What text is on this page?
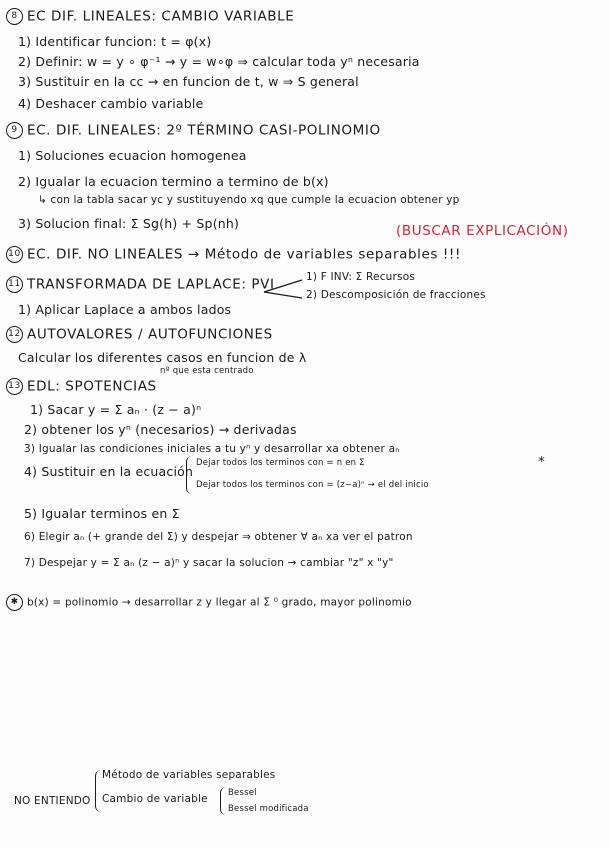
8 EC DIF. LINEALES: CAMBIO VARIABLE
1) Identificar funcion: t = φ(x)
2) Definir: w = y ∘ φ⁻¹ → y = w∘φ ⇒ calcular toda yⁿ necesaria
3) Sustituir en la cc → en funcion de t, w ⇒ S general
4) Deshacer cambio variable
9 EC. DIF. LINEALES: 2º TÉRMINO CASI-POLINOMIO
1) Soluciones ecuacion homogenea
2) Igualar la ecuacion termino a termino de b(x)
↳ con la tabla sacar yc y sustituyendo xq que cumple la ecuacion obtener yp
3) Solucion final: Σ Sg(h) + Sp(nh)
10 EC. DIF. NO LINEALES → Método de variables separables !!!
(BUSCAR EXPLICACIÓN)
11 TRANSFORMADA DE LAPLACE: PVI	1) F INV: Σ Recursos
2) Descomposición de fracciones
1) Aplicar Laplace a ambos lados
12 AUTOVALORES / AUTOFUNCIONES
Calcular los diferentes casos en funcion de λ
13 EDL: SPOTENCIAS
nº que esta centrado
1) Sacar y = Σ aₙ · (z − a)ⁿ
2) obtener los yⁿ (necesarios) → derivadas
3) Igualar las condiciones iniciales a tu yⁿ y desarrollar xa obtener aₙ
4) Sustituir en la ecuación
Dejar todos los terminos con = n en Σ
Dejar todos los terminos con = (z−a)ⁿ → el del inicio
*
5) Igualar terminos en Σ
6) Elegir aₙ (+ grande del Σ) y despejar ⇒ obtener ∀ aₙ xa ver el patron
7) Despejar y = Σ aₙ (z − a)ⁿ y sacar la solucion → cambiar "z" x "y"
✱ b(x) = polinomio → desarrollar z y llegar al Σ ⁰ grado, mayor polinomio
NO ENTIENDO
Método de variables separables
Cambio de variable Bessel
Bessel modificada
